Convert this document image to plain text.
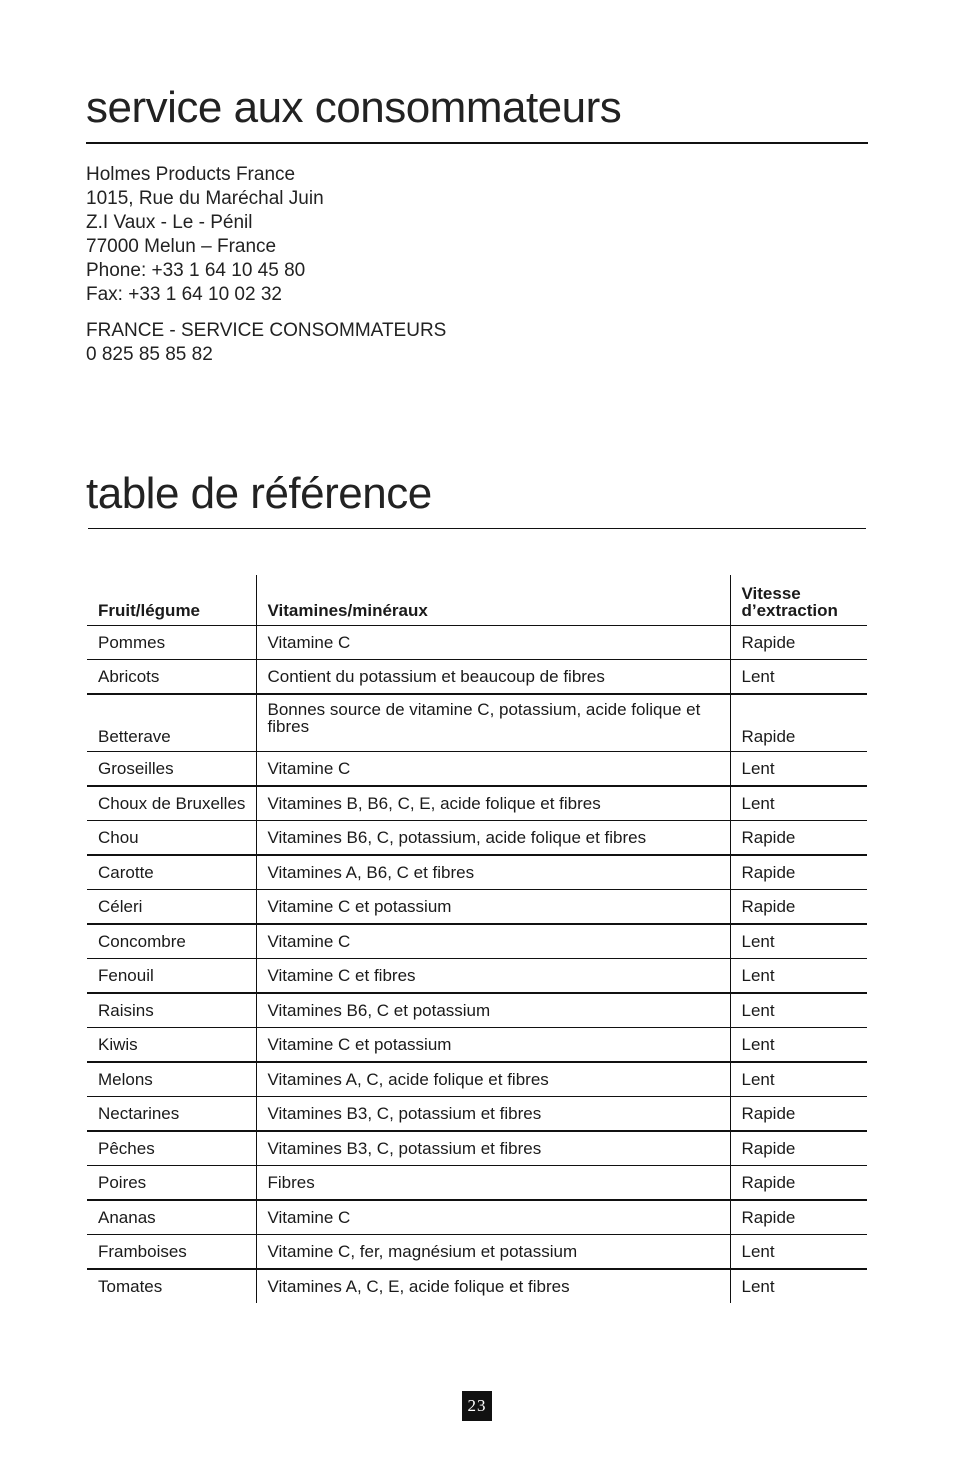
service aux consommateurs
Holmes Products France
1015, Rue du Maréchal Juin
Z.I Vaux - Le - Pénil
77000 Melun – France
Phone: +33 1 64 10 45 80
Fax: +33 1 64 10 02 32
FRANCE - SERVICE CONSOMMATEURS
0 825 85 85 82
table de référence
Fruit/légume	Vitamines/minéraux	Vitesse d’extraction
Pommes	Vitamine C	Rapide
Abricots	Contient du potassium et beaucoup de fibres	Lent
Betterave	Bonnes source de vitamine C, potassium, acide folique et fibres	Rapide
Groseilles	Vitamine C	Lent
Choux de Bruxelles	Vitamines B, B6, C, E, acide folique et fibres	Lent
Chou	Vitamines B6, C, potassium, acide folique et fibres	Rapide
Carotte	Vitamines A, B6, C et fibres	Rapide
Céleri	Vitamine C et potassium	Rapide
Concombre	Vitamine C	Lent
Fenouil	Vitamine C et fibres	Lent
Raisins	Vitamines B6, C et potassium	Lent
Kiwis	Vitamine C et potassium	Lent
Melons	Vitamines A, C, acide folique et fibres	Lent
Nectarines	Vitamines B3, C, potassium et fibres	Rapide
Pêches	Vitamines B3, C, potassium et fibres	Rapide
Poires	Fibres	Rapide
Ananas	Vitamine C	Rapide
Framboises	Vitamine C, fer, magnésium et potassium	Lent
Tomates	Vitamines A, C, E, acide folique et fibres	Lent
23
